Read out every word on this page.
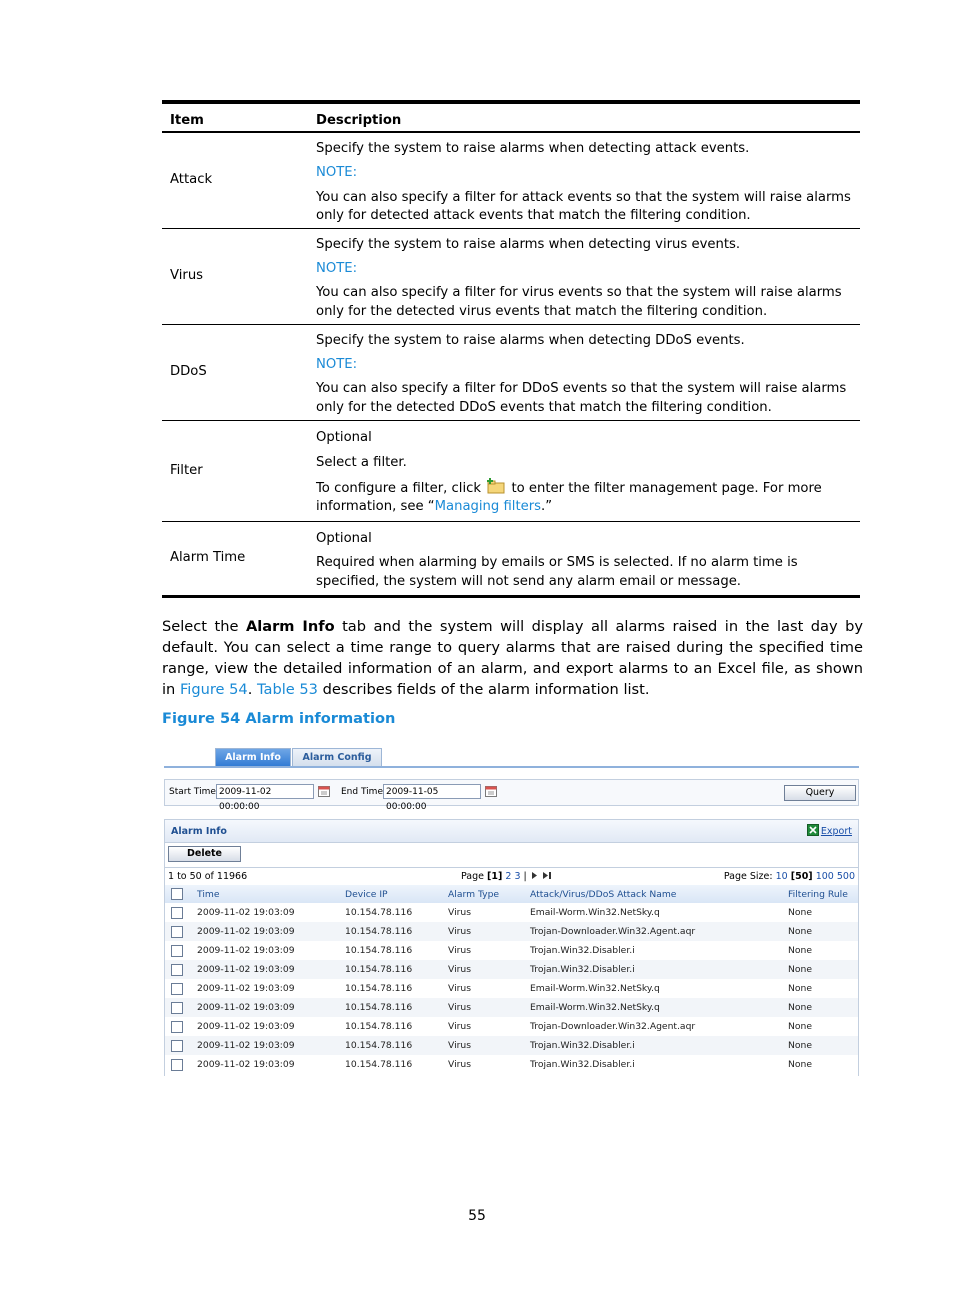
Item	Description
Attack	Specify the system to raise alarms when detecting attack events.

NOTE:

You can also specify a filter for attack events so that the system will raise alarms only for detected attack events that match the filtering condition.

Virus	Specify the system to raise alarms when detecting virus events.

NOTE:

You can also specify a filter for virus events so that the system will raise alarms only for the detected virus events that match the filtering condition.

DDoS	Specify the system to raise alarms when detecting DDoS events.

NOTE:

You can also specify a filter for DDoS events so that the system will raise alarms only for the detected DDoS events that match the filtering condition.

Filter	Optional

Select a filter.

To configure a filter, click to enter the filter management page. For more information, see “Managing filters.”

Alarm Time	Optional

Required when alarming by emails or SMS is selected. If no alarm time is specified, the system will not send any alarm email or message.

Select the Alarm Info tab and the system will display all alarms raised in the last day by default. You can select a time range to query alarms that are raised during the specified time range, view the detailed information of an alarm, and export alarms to an Excel file, as shown in Figure 54. Table 53 describes fields of the alarm information list.

Figure 54 Alarm information

Alarm Info	Alarm Config
Start Time 2009-11-02 00:00:00
End Time 2009-11-05 00:00:00
Query
Alarm Info	Export
Delete
1 to 50 of 11966	Page [1] 2 3 |	Page Size: 10 [50] 100 500
	Time	Device IP	Alarm Type	Attack/Virus/DDoS Attack Name	Filtering Rule
	2009-11-02 19:03:09	10.154.78.116	Virus	Email-Worm.Win32.NetSky.q	None
	2009-11-02 19:03:09	10.154.78.116	Virus	Trojan-Downloader.Win32.Agent.aqr	None
	2009-11-02 19:03:09	10.154.78.116	Virus	Trojan.Win32.Disabler.i	None
	2009-11-02 19:03:09	10.154.78.116	Virus	Trojan.Win32.Disabler.i	None
	2009-11-02 19:03:09	10.154.78.116	Virus	Email-Worm.Win32.NetSky.q	None
	2009-11-02 19:03:09	10.154.78.116	Virus	Email-Worm.Win32.NetSky.q	None
	2009-11-02 19:03:09	10.154.78.116	Virus	Trojan-Downloader.Win32.Agent.aqr	None
	2009-11-02 19:03:09	10.154.78.116	Virus	Trojan.Win32.Disabler.i	None
	2009-11-02 19:03:09	10.154.78.116	Virus	Trojan.Win32.Disabler.i	None
55
